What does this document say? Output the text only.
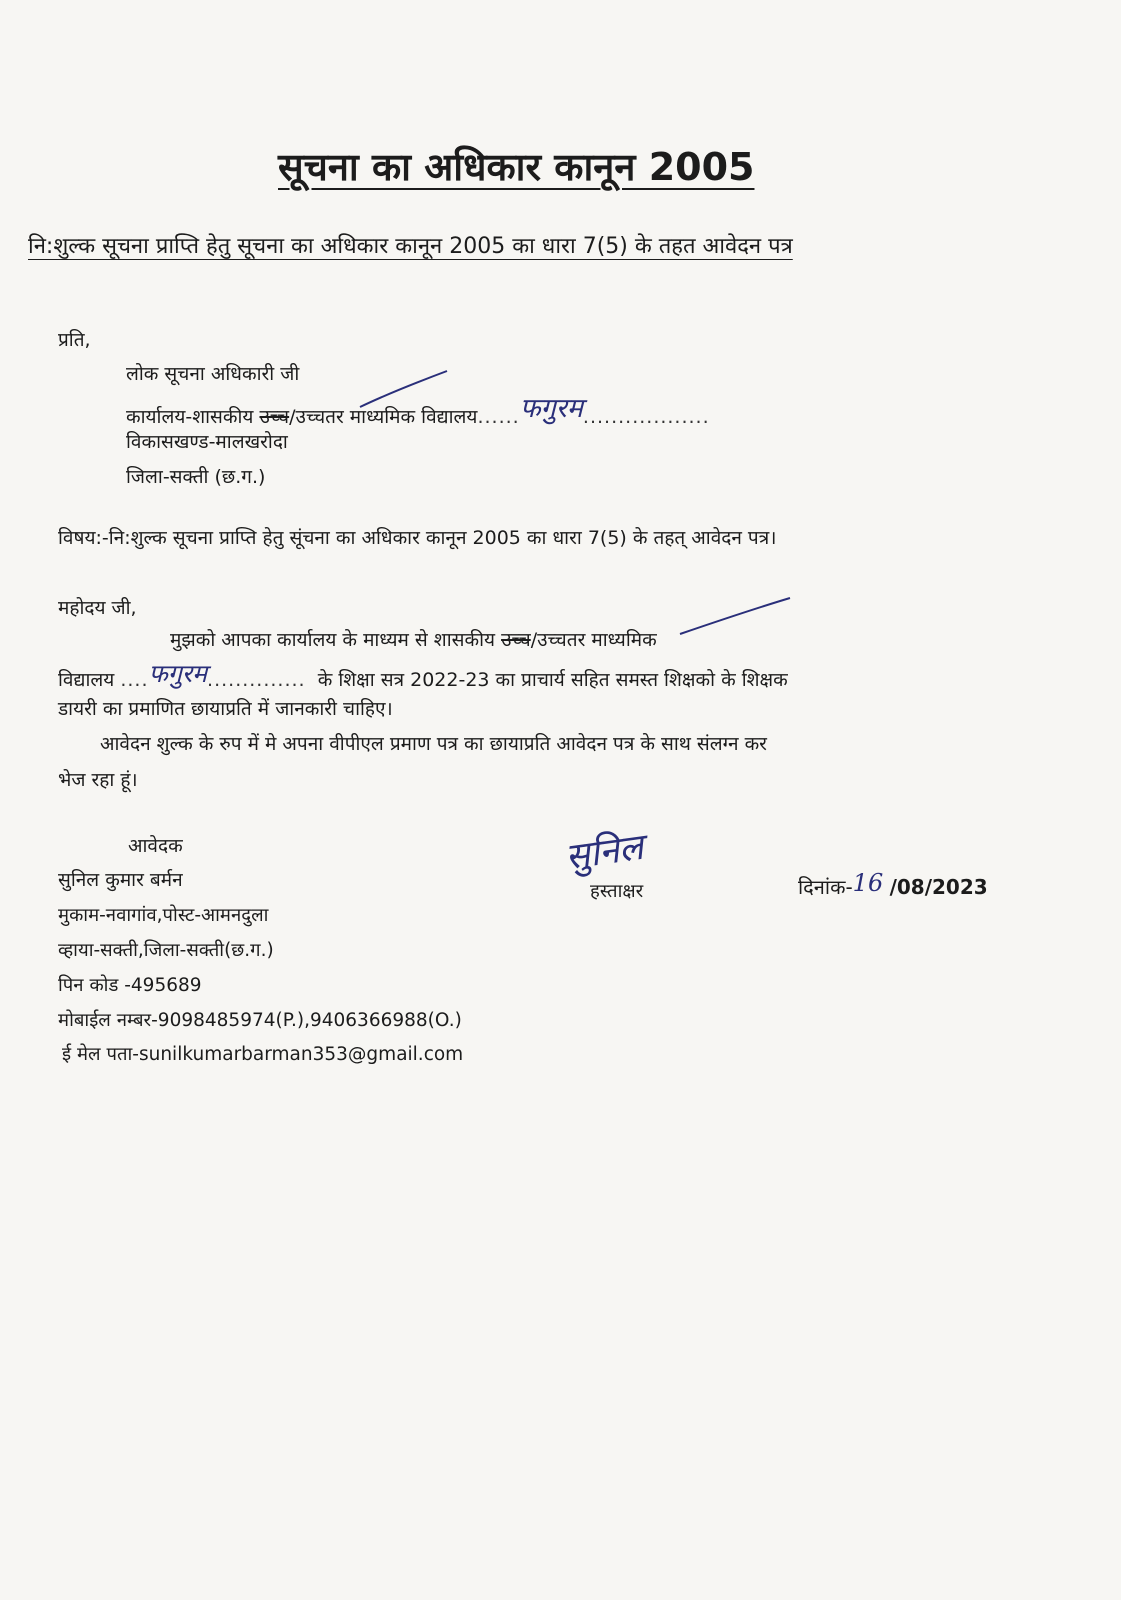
सूचना का अधिकार कानून 2005
नि:शुल्क सूचना प्राप्ति हेतु सूचना का अधिकार कानून 2005 का धारा 7(5) के तहत आवेदन पत्र
प्रति,
लोक सूचना अधिकारी जी
कार्यालय-शासकीय उच्च/उच्चतर माध्यमिक विद्यालय......फगुरम..................
विकासखण्ड-मालखरोदा
जिला-सक्ती (छ.ग.)
विषय:-नि:शुल्क सूचना प्राप्ति हेतु सूंचना का अधिकार कानून 2005 का धारा 7(5) के तहत् आवेदन पत्र।
महोदय जी,
मुझको आपका कार्यालय के माध्यम से शासकीय उच्च/उच्चतर माध्यमिक
विद्यालय ....फगुरम.............. के शिक्षा सत्र 2022-23 का प्राचार्य सहित समस्त शिक्षको के शिक्षक
डायरी का प्रमाणित छायाप्रति में जानकारी चाहिए।
आवेदन शुल्क के रुप में मे अपना वीपीएल प्रमाण पत्र का छायाप्रति आवेदन पत्र के साथ संलग्न कर
भेज रहा हूं।
आवेदक
सुनिल कुमार बर्मन
मुकाम-नवागांव,पोस्ट-आमनदुला
व्हाया-सक्ती,जिला-सक्ती(छ.ग.)
पिन कोड -495689
मोबाईल नम्बर-9098485974(P.),9406366988(O.)
ई मेल पता-sunilkumarbarman353@gmail.com
सुनिल
हस्ताक्षर	दिनांक-16 /08/2023
